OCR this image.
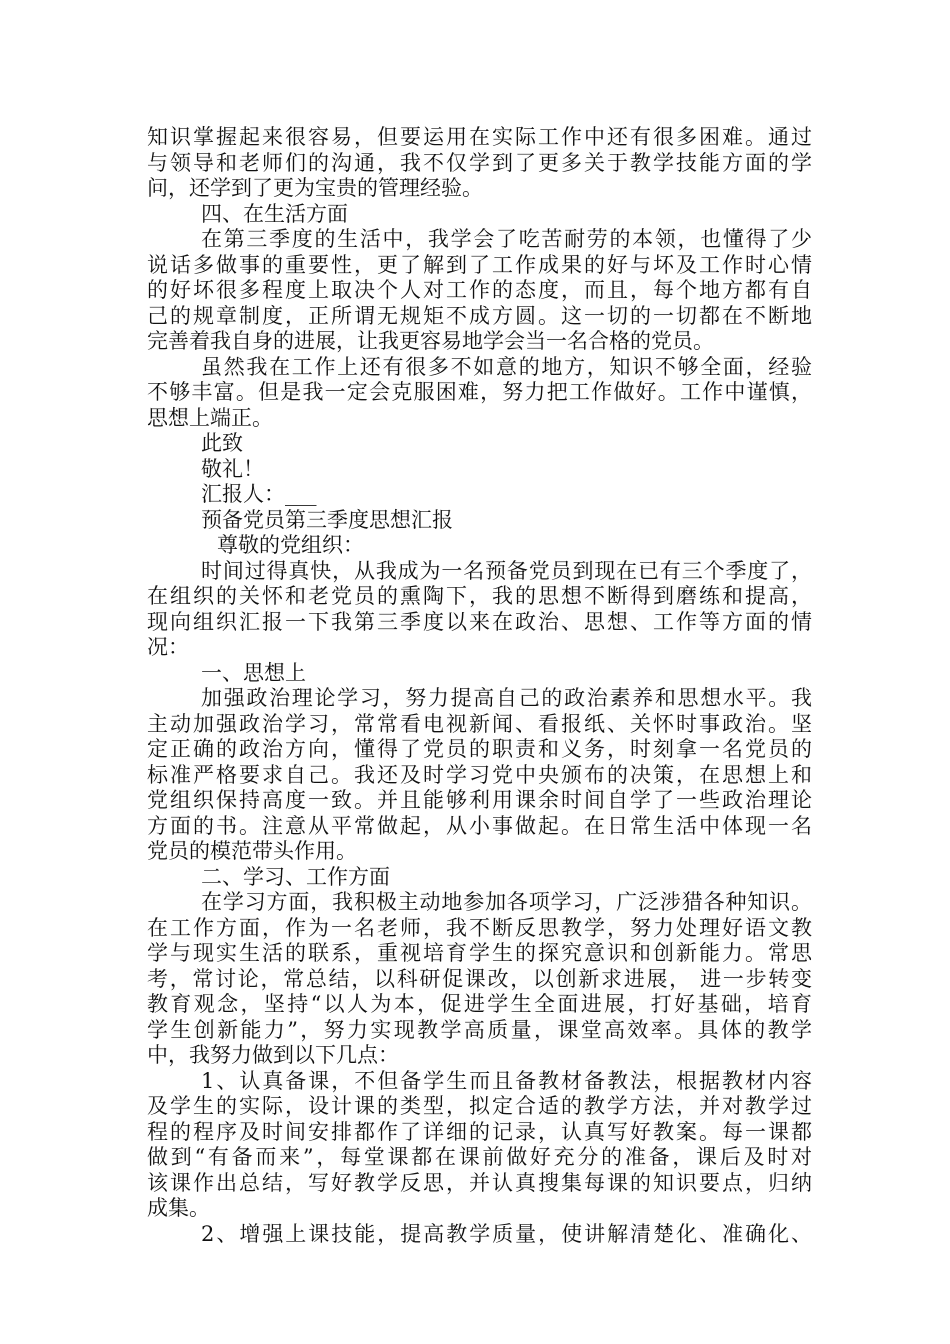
知识掌握起来很容易，但要运用在实际工作中还有很多困难。通过
与领导和老师们的沟通，我不仅学到了更多关于教学技能方面的学
问，还学到了更为宝贵的管理经验。
四、在生活方面
在第三季度的生活中，我学会了吃苦耐劳的本领，也懂得了少
说话多做事的重要性，更了解到了工作成果的好与坏及工作时心情
的好坏很多程度上取决个人对工作的态度，而且，每个地方都有自
己的规章制度，正所谓无规矩不成方圆。这一切的一切都在不断地
完善着我自身的进展，让我更容易地学会当一名合格的党员。
虽然我在工作上还有很多不如意的地方，知识不够全面，经验
不够丰富。但是我一定会克服困难，努力把工作做好。工作中谨慎，
思想上端正。
此致
敬礼！
汇报人：___
预备党员第三季度思想汇报
尊敬的党组织：
时间过得真快，从我成为一名预备党员到现在已有三个季度了，
在组织的关怀和老党员的熏陶下，我的思想不断得到磨练和提高，
现向组织汇报一下我第三季度以来在政治、思想、工作等方面的情
况：
一、思想上
加强政治理论学习，努力提高自己的政治素养和思想水平。我
主动加强政治学习，常常看电视新闻、看报纸、关怀时事政治。坚
定正确的政治方向，懂得了党员的职责和义务，时刻拿一名党员的
标准严格要求自己。我还及时学习党中央颁布的决策，在思想上和
党组织保持高度一致。并且能够利用课余时间自学了一些政治理论
方面的书。注意从平常做起，从小事做起。在日常生活中体现一名
党员的模范带头作用。
二、学习、工作方面
在学习方面，我积极主动地参加各项学习，广泛涉猎各种知识。
在工作方面，作为一名老师，我不断反思教学，努力处理好语文教
学与现实生活的联系，重视培育学生的探究意识和创新能力。常思
考，常讨论，常总结，以科研促课改，以创新求进展， 进一步转变
教育观念，坚持“以人为本，促进学生全面进展，打好基础，培育
学生创新能力”，努力实现教学高质量，课堂高效率。具体的教学
中，我努力做到以下几点：
1、认真备课，不但备学生而且备教材备教法，根据教材内容
及学生的实际，设计课的类型，拟定合适的教学方法，并对教学过
程的程序及时间安排都作了详细的记录，认真写好教案。每一课都
做到“有备而来”，每堂课都在课前做好充分的准备，课后及时对
该课作出总结，写好教学反思，并认真搜集每课的知识要点，归纳
成集。
2、增强上课技能，提高教学质量，使讲解清楚化、准确化、
